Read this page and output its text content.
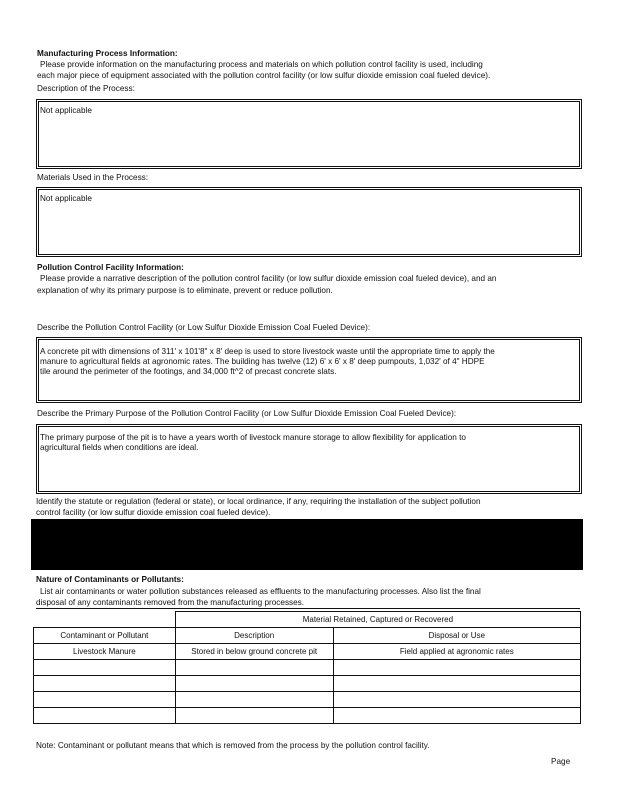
Manufacturing Process Information:
Please provide information on the manufacturing process and materials on which pollution control facility is used, including
each major piece of equipment associated with the pollution control facility (or low sulfur dioxide emission coal fueled device).
Description of the Process:
Not applicable
Materials Used in the Process:
Not applicable
Pollution Control Facility Information:
Please provide a narrative description of the pollution control facility (or low sulfur dioxide emission coal fueled device), and an
explanation of why its primary purpose is to eliminate, prevent or reduce pollution.
Describe the Pollution Control Facility (or Low Sulfur Dioxide Emission Coal Fueled Device):
A concrete pit with dimensions of 311' x 101'8" x 8' deep is used to store livestock waste until the appropriate time to apply the
manure to agricultural fields at agronomic rates. The building has twelve (12) 6' x 6' x 8' deep pumpouts, 1,032' of 4" HDPE
tile around the perimeter of the footings, and 34,000 ft^2 of precast concrete slats.
Describe the Primary Purpose of the Pollution Control Facility (or Low Sulfur Dioxide Emission Coal Fueled Device):
The primary purpose of the pit is to have a years worth of livestock manure storage to allow flexibility for application to
agricultural fields when conditions are ideal.
Identify the statute or regulation (federal or state), or local ordinance, if any, requiring the installation of the subject pollution
control facility (or low sulfur dioxide emission coal fueled device).
Nature of Contaminants or Pollutants:
List air contaminants or water pollution substances released as effluents to the manufacturing processes. Also list the final
disposal of any contaminants removed from the manufacturing processes.
	Material Retained, Captured or Recovered	
Contaminant or Pollutant	Description	Disposal or Use
Livestock Manure	Stored in below ground concrete pit	Field applied at agronomic rates

Note: Contaminant or pollutant means that which is removed from the process by the pollution control facility.
Page
